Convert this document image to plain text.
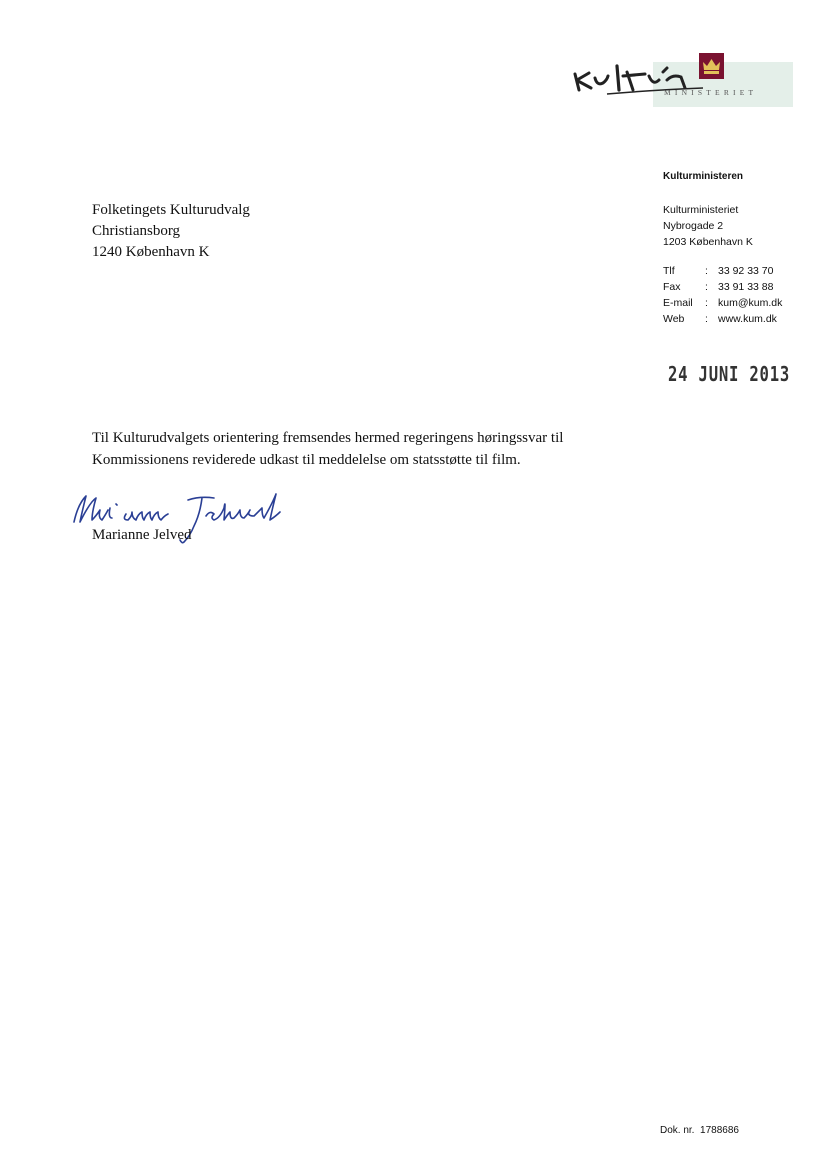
MINISTERIET
Kulturministeren
Kulturministeriet
Nybrogade 2
1203 København K
Tlf	: 33 92 33 70
Fax	: 33 91 33 88
E-mail	: kum@kum.dk
Web	: www.kum.dk
24 JUNI 2013
Folketingets Kulturudvalg
Christiansborg
1240 København K
Til Kulturudvalgets orientering fremsendes hermed regeringens høringssvar til
Kommissionens reviderede udkast til meddelelse om statsstøtte til film.
Marianne Jelved
Dok. nr. 1788686
